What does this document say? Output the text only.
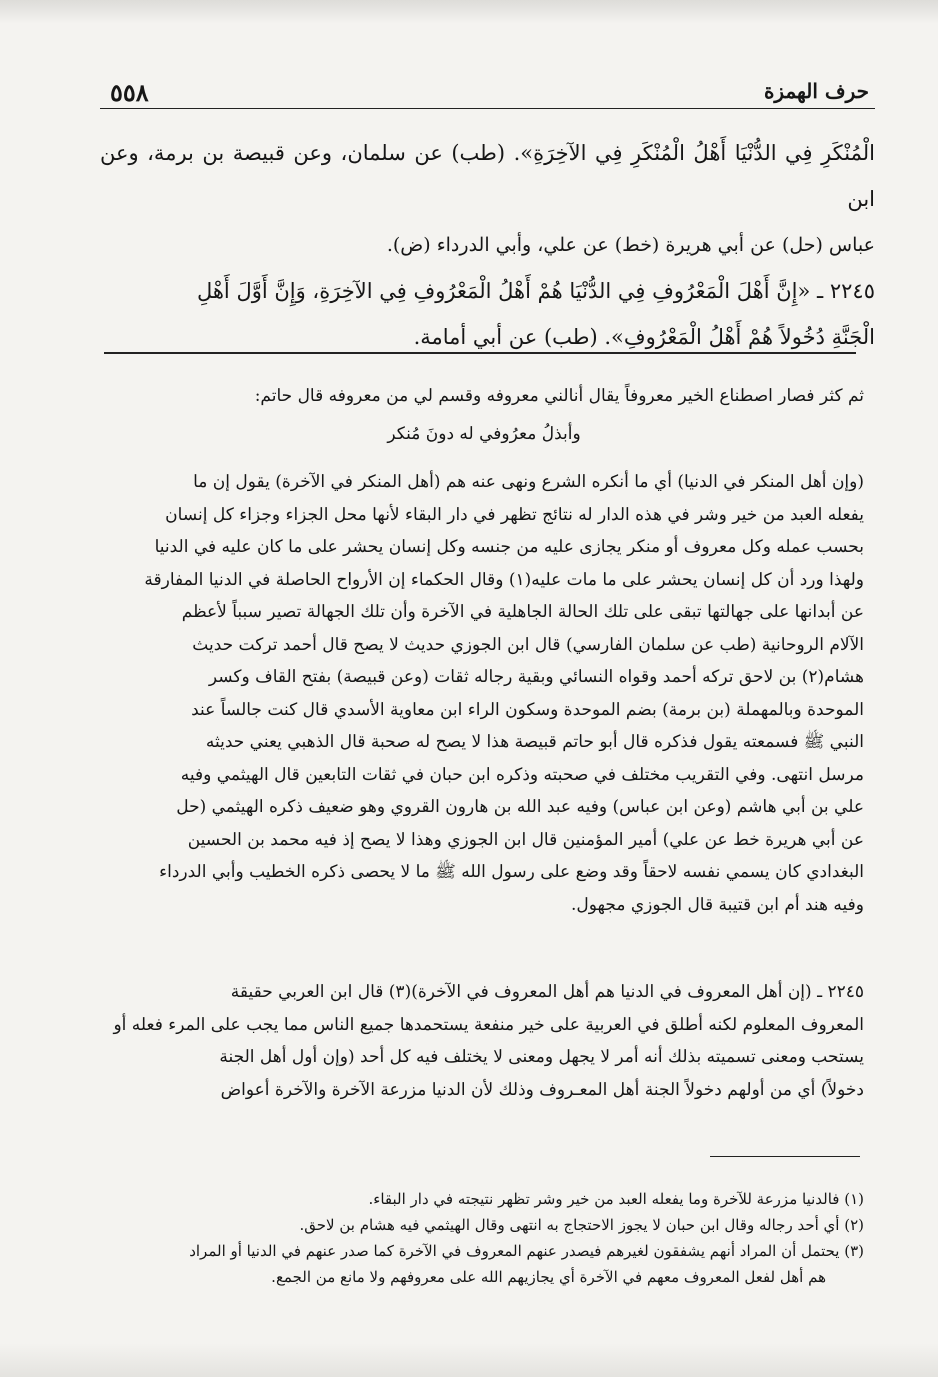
٥٥٨	حرف الهمزة

الْمُنْكَرِ فِي الدُّنْيَا أَهْلُ الْمُنْكَرِ فِي الآخِرَةِ». (طب) عن سلمان، وعن قبيصة بن برمة، وعن ابن

عباس (حل) عن أبي هريرة (خط) عن علي، وأبي الدرداء (ض).

٢٢٤٥ ـ «إِنَّ أَهْلَ الْمَعْرُوفِ فِي الدُّنْيَا هُمْ أَهْلُ الْمَعْرُوفِ فِي الآخِرَةِ، وَإِنَّ أَوَّلَ أَهْلِ

الْجَنَّةِ دُخُولاً هُمْ أَهْلُ الْمَعْرُوفِ». (طب) عن أبي أمامة.

ثم كثر فصار اصطناع الخير معروفاً يقال أنالني معروفه وقسم لي من معروفه قال حاتم:

وأبذلُ معرُوفي له دونَ مُنكر

(وإن أهل المنكر في الدنيا) أي ما أنكره الشرع ونهى عنه هم (أهل المنكر في الآخرة) يقول إن ما

يفعله العبد من خير وشر في هذه الدار له نتائج تظهر في دار البقاء لأنها محل الجزاء وجزاء كل إنسان

بحسب عمله وكل معروف أو منكر يجازى عليه من جنسه وكل إنسان يحشر على ما كان عليه في الدنيا

ولهذا ورد أن كل إنسان يحشر على ما مات عليه(١) وقال الحكماء إن الأرواح الحاصلة في الدنيا المفارقة

عن أبدانها على جهالتها تبقى على تلك الحالة الجاهلية في الآخرة وأن تلك الجهالة تصير سبباً لأعظم

الآلام الروحانية (طب عن سلمان الفارسي) قال ابن الجوزي حديث لا يصح قال أحمد تركت حديث

هشام(٢) بن لاحق تركه أحمد وقواه النسائي وبقية رجاله ثقات (وعن قبيصة) بفتح القاف وكسر

الموحدة وبالمهملة (بن برمة) بضم الموحدة وسكون الراء ابن معاوية الأسدي قال كنت جالساً عند

النبي ﷺ فسمعته يقول فذكره قال أبو حاتم قبيصة هذا لا يصح له صحبة قال الذهبي يعني حديثه

مرسل انتهى. وفي التقريب مختلف في صحبته وذكره ابن حبان في ثقات التابعين قال الهيثمي وفيه

علي بن أبي هاشم (وعن ابن عباس) وفيه عبد الله بن هارون القروي وهو ضعيف ذكره الهيثمي (حل

عن أبي هريرة خط عن علي) أمير المؤمنين قال ابن الجوزي وهذا لا يصح إذ فيه محمد بن الحسين

البغدادي كان يسمي نفسه لاحقاً وقد وضع على رسول الله ﷺ ما لا يحصى ذكره الخطيب وأبي الدرداء

وفيه هند أم ابن قتيبة قال الجوزي مجهول.

٢٢٤٥ ـ (إن أهل المعروف في الدنيا هم أهل المعروف في الآخرة)(٣) قال ابن العربي حقيقة

المعروف المعلوم لكنه أطلق في العربية على خير منفعة يستحمدها جميع الناس مما يجب على المرء فعله أو

يستحب ومعنى تسميته بذلك أنه أمر لا يجهل ومعنى لا يختلف فيه كل أحد (وإن أول أهل الجنة

دخولاً) أي من أولهم دخولاً الجنة أهل المعـروف وذلك لأن الدنيا مزرعة الآخرة والآخرة أعواض

(١) فالدنيا مزرعة للآخرة وما يفعله العبد من خير وشر تظهر نتيجته في دار البقاء.

(٢) أي أحد رجاله وقال ابن حبان لا يجوز الاحتجاج به انتهى وقال الهيثمي فيه هشام بن لاحق.

(٣) يحتمل أن المراد أنهم يشفقون لغيرهم فيصدر عنهم المعروف في الآخرة كما صدر عنهم في الدنيا أو المراد

هم أهل لفعل المعروف معهم في الآخرة أي يجازيهم الله على معروفهم ولا مانع من الجمع.
